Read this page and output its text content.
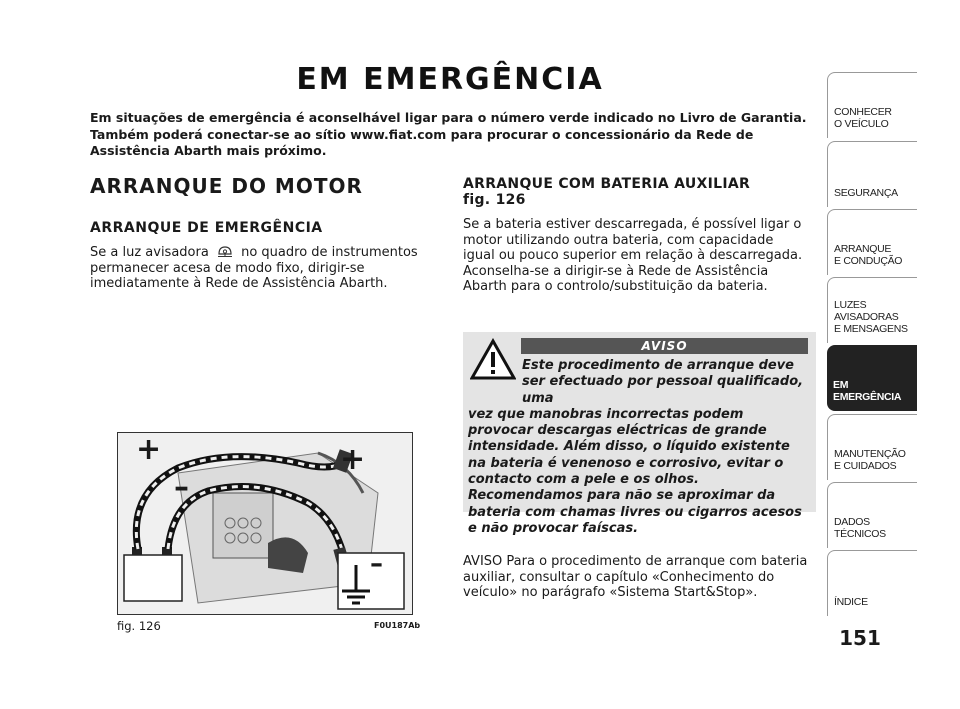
EM EMERGÊNCIA
Em situações de emergência é aconselhável ligar para o número verde indicado no Livro de Garantia. Também poderá conectar-se ao sítio www.fiat.com para procurar o concessionário da Rede de Assistência Abarth mais próximo.
ARRANQUE DO MOTOR
ARRANQUE DE EMERGÊNCIA
Se a luz avisadora no quadro de instrumentos permanecer acesa de modo fixo, dirigir-se imediatamente à Rede de Assistência Abarth.
ARRANQUE COM BATERIA AUXILIAR
fig. 126
Se a bateria estiver descarregada, é possível ligar o motor utilizando outra bateria, com capacidade igual ou pouco superior em relação à descarregada. Aconselha-se a dirigir-se à Rede de Assistência Abarth para o controlo/substituição da bateria.
AVISO
Este procedimento de arranque deve ser efectuado por pessoal qualificado, uma
vez que manobras incorrectas podem provocar descargas eléctricas de grande intensidade. Além disso, o líquido existente na bateria é venenoso e corrosivo, evitar o contacto com a pele e os olhos. Recomendamos para não se aproximar da bateria com chamas livres ou cigarros acesos e não provocar faíscas.
AVISO Para o procedimento de arranque com bateria auxiliar, consultar o capítulo «Conhecimento do veículo» no parágrafo «Sistema Start&Stop».
+	+
–
–
fig. 126	F0U187Ab
151
CONHECER
O VEÍCULO
SEGURANÇA
ARRANQUE
E CONDUÇÃO
LUZES
AVISADORAS
E MENSAGENS
EM EMERGÊNCIA
MANUTENÇÃO
E CUIDADOS
DADOS
TÉCNICOS
ÍNDICE
